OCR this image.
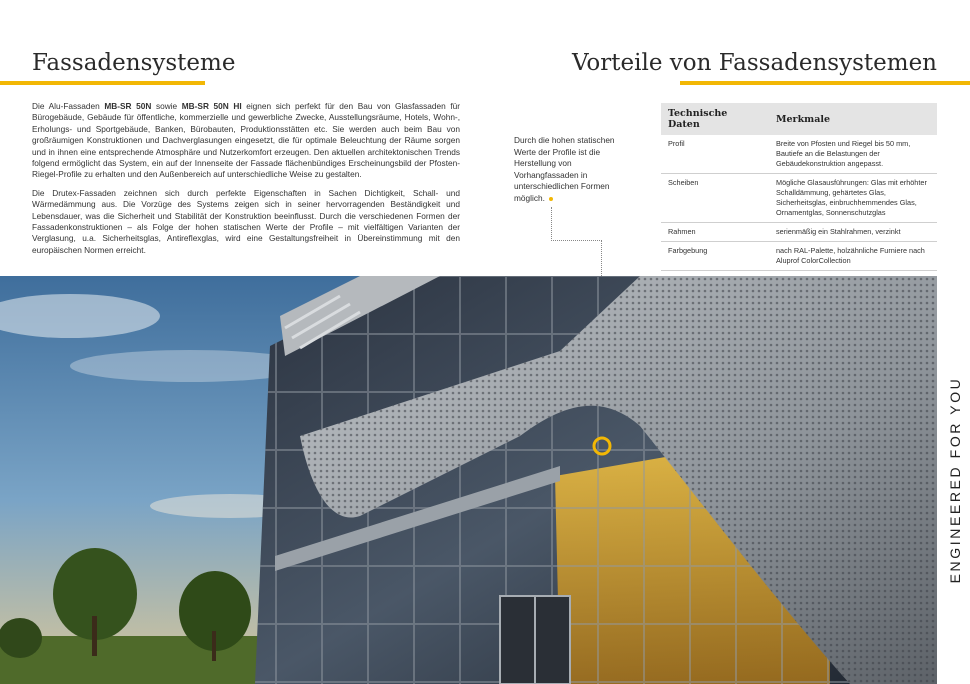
Fassadensysteme	Vorteile von Fassadensystemen

Die Alu-Fassaden MB-SR 50N sowie MB-SR 50N HI eignen sich perfekt für den Bau von Glasfassaden für Bürogebäude, Gebäude für öffentliche, kommerzielle und gewerbliche Zwecke, Ausstellungsräume, Hotels, Wohn-, Erholungs- und Sportgebäude, Banken, Bürobauten, Produktionsstätten etc. Sie werden auch beim Bau von großräumigen Konstruktionen und Dachverglasungen eingesetzt, die für optimale Beleuchtung der Räume sorgen und in ihnen eine entsprechende Atmosphäre und Nutzerkomfort erzeugen. Den aktuellen architektonischen Trends folgend ermöglicht das System, ein auf der Innenseite der Fassade flächenbündiges Erscheinungsbild der Pfosten-Riegel-Profile zu erhalten und den Außenbereich auf unterschiedliche Weise zu gestalten.

Die Drutex-Fassaden zeichnen sich durch perfekte Eigenschaften in Sachen Dichtigkeit, Schall- und Wärmedämmung aus. Die Vorzüge des Systems zeigen sich in seiner hervorragenden Beständigkeit und Lebensdauer, was die Sicherheit und Stabilität der Konstruktion beeinflusst. Durch die verschiedenen Formen der Fassadenkonstruktionen – als Folge der hohen statischen Werte der Profile – mit vielfältigen Varianten der Verglasung, u.a. Sicherheitsglas, Antireflexglas, wird eine Gestaltungsfreiheit in Übereinstimmung mit den europäischen Normen erreicht.

Durch die hohen statischen Werte der Profile ist die Herstellung von Vorhangfassaden in unterschiedlichen Formen möglich.
Technische Daten	Merkmale
Profil	Breite von Pfosten und Riegel bis 50 mm, Bautiefe an die Belastungen der Gebäudekonstruktion angepasst.
Scheiben	Mögliche Glasausführungen: Glas mit erhöhter Schalldämmung, gehärtetes Glas, Sicherheitsglas, einbruchhemmendes Glas, Ornamentglas, Sonnenschutzglas
Rahmen	serienmäßig ein Stahlrahmen, verzinkt
Farbgebung	nach RAL-Palette, holzähnliche Furniere nach Aluprof ColorCollection
ENGINEERED FOR YOU
